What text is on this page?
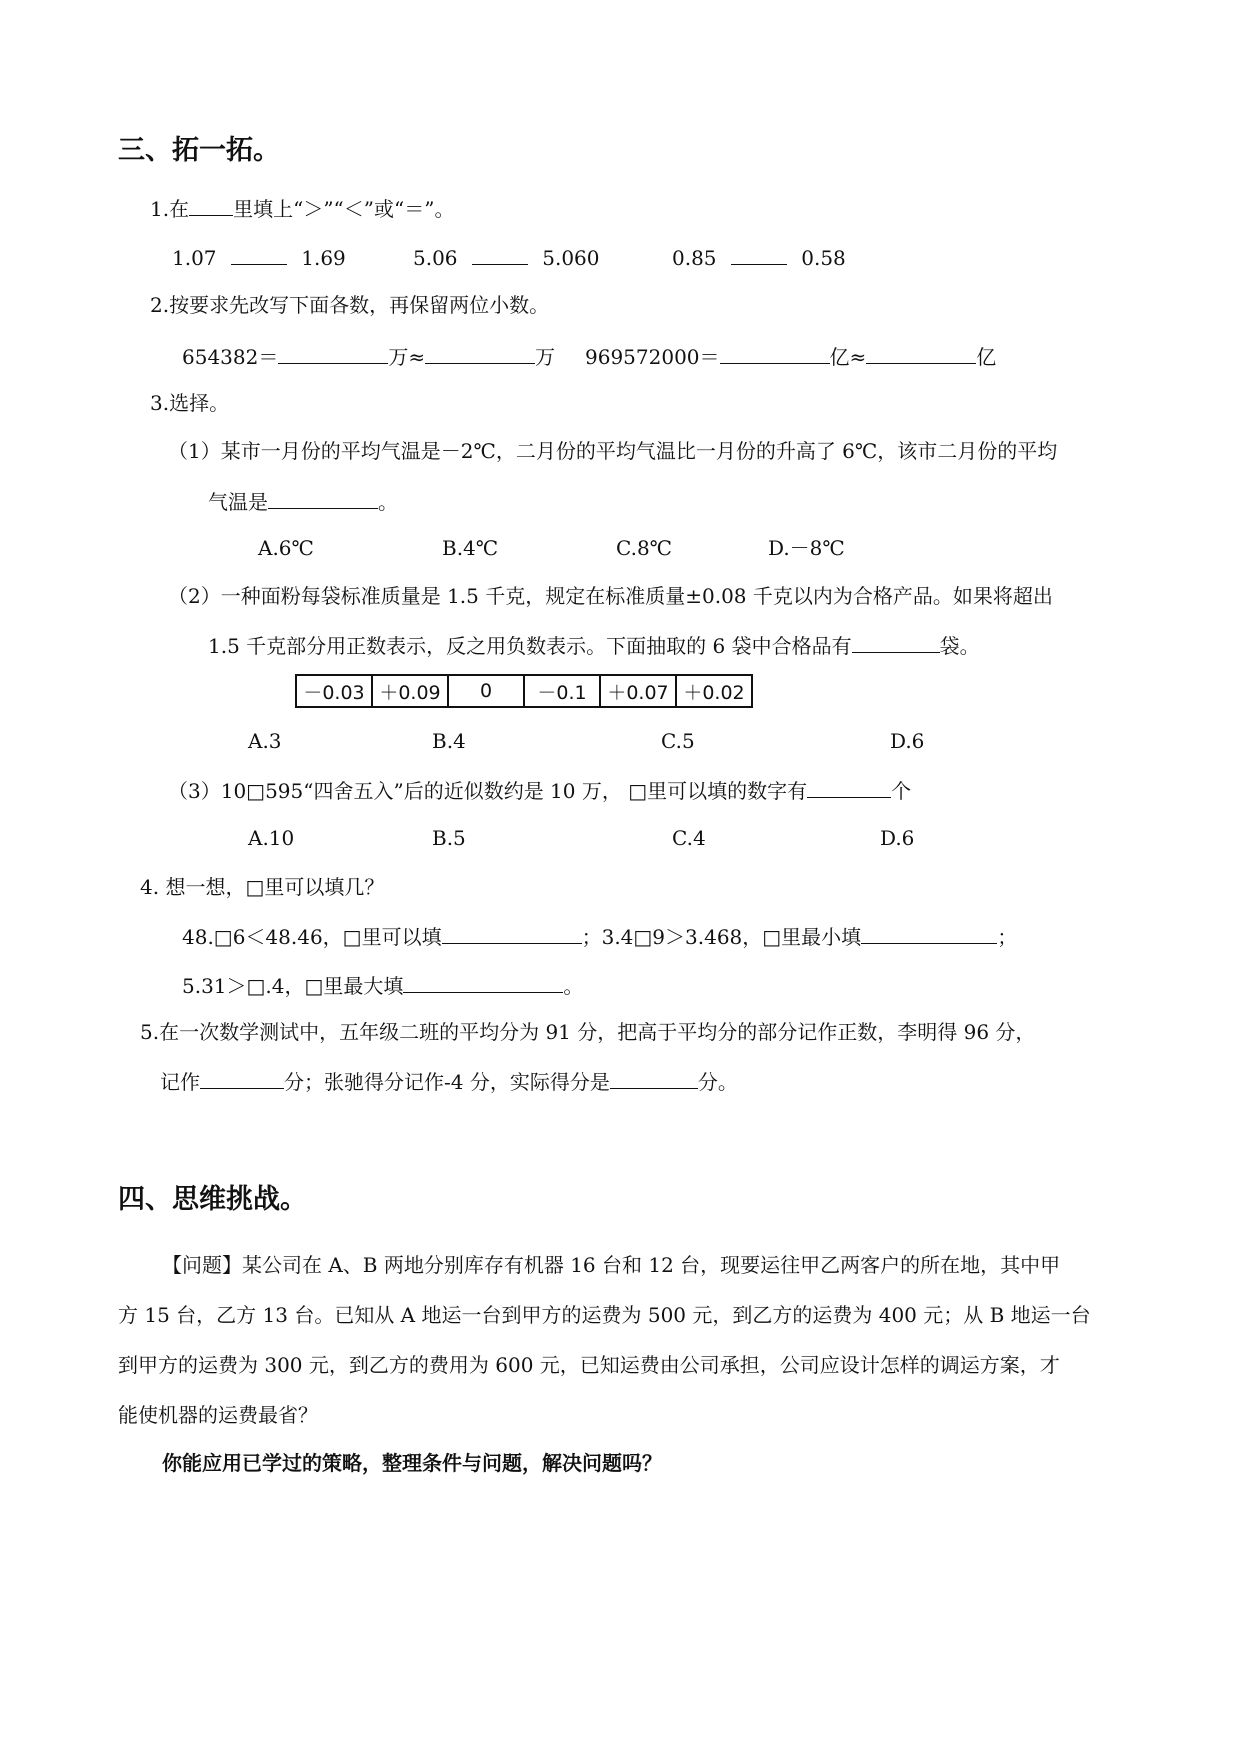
三、拓一拓。
1.在 里填上“＞”“＜”或“＝”。
1.07	1.69	5.06	5.060	0.85	0.58
2.按要求先改写下面各数，再保留两位小数。
654382＝	万≈	万 969572000＝	亿≈	亿
3.选择。
（1）某市一月份的平均气温是－2℃，二月份的平均气温比一月份的升高了 6℃，该市二月份的平均
气温是	。
A.6℃	B.4℃	C.8℃	D.－8℃
（2）一种面粉每袋标准质量是 1.5 千克，规定在标准质量±0.08 千克以内为合格产品。如果将超出
1.5 千克部分用正数表示，反之用负数表示。下面抽取的 6 袋中合格品有	袋。
－0.03	＋0.09	0	－0.1	＋0.07	＋0.02
A.3	B.4	C.5	D.6
（3）10□595“四舍五入”后的近似数约是 10 万， □里可以填的数字有	个
A.10	B.5	C.4	D.6
4. 想一想，□里可以填几？
48.□6＜48.46，□里可以填	；3.4□9＞3.468，□里最小填	；
5.31＞□.4，□里最大填	。
5.在一次数学测试中，五年级二班的平均分为 91 分，把高于平均分的部分记作正数，李明得 96 分，
记作	分；张驰得分记作-4 分，实际得分是	分。
四、思维挑战。
【问题】某公司在 A、B 两地分别库存有机器 16 台和 12 台，现要运往甲乙两客户的所在地，其中甲
方 15 台，乙方 13 台。已知从 A 地运一台到甲方的运费为 500 元，到乙方的运费为 400 元；从 B 地运一台
到甲方的运费为 300 元，到乙方的费用为 600 元，已知运费由公司承担，公司应设计怎样的调运方案，才
能使机器的运费最省？
你能应用已学过的策略，整理条件与问题，解决问题吗？
